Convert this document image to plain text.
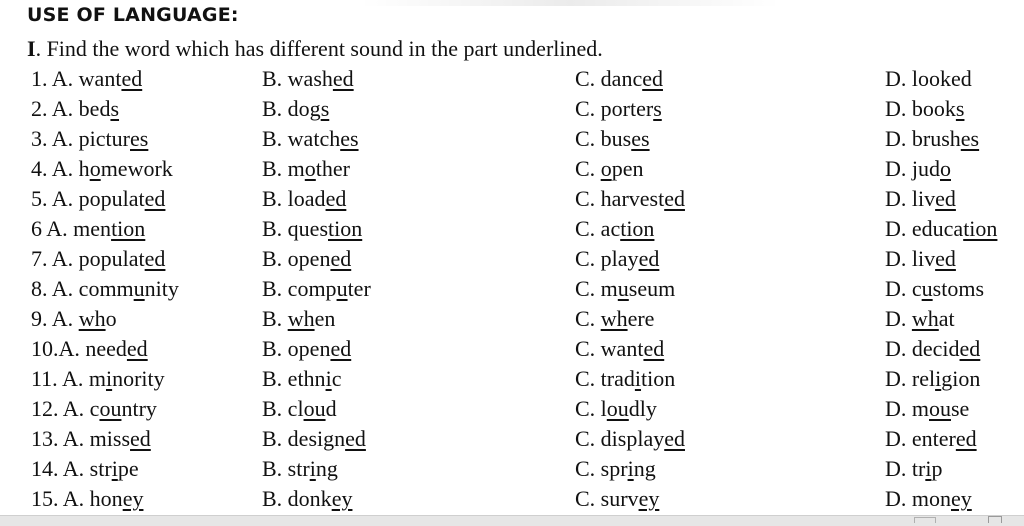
USE OF LANGUAGE:
I. Find the word which has different sound in the part underlined.
1. A. wanted	B. washed	C. danced	D. looked
2. A. beds	B. dogs	C. porters	D. books
3. A. pictures	B. watches	C. buses	D. brushes
4. A. homework	B. mother	C. open	D. judo
5. A. populated	B. loaded	C. harvested	D. lived
6 A. mention	B. question	C. action	D. education
7. A. populated	B. opened	C. played	D. lived
8. A. community	B. computer	C. museum	D. customs
9. A. who	B. when	C. where	D. what
10.A. needed	B. opened	C. wanted	D. decided
11. A. minority	B. ethnic	C. tradition	D. religion
12. A. country	B. cloud	C. loudly	D. mouse
13. A. missed	B. designed	C. displayed	D. entered
14. A. stripe	B. string	C. spring	D. trip
15. A. honey	B. donkey	C. survey	D. money
